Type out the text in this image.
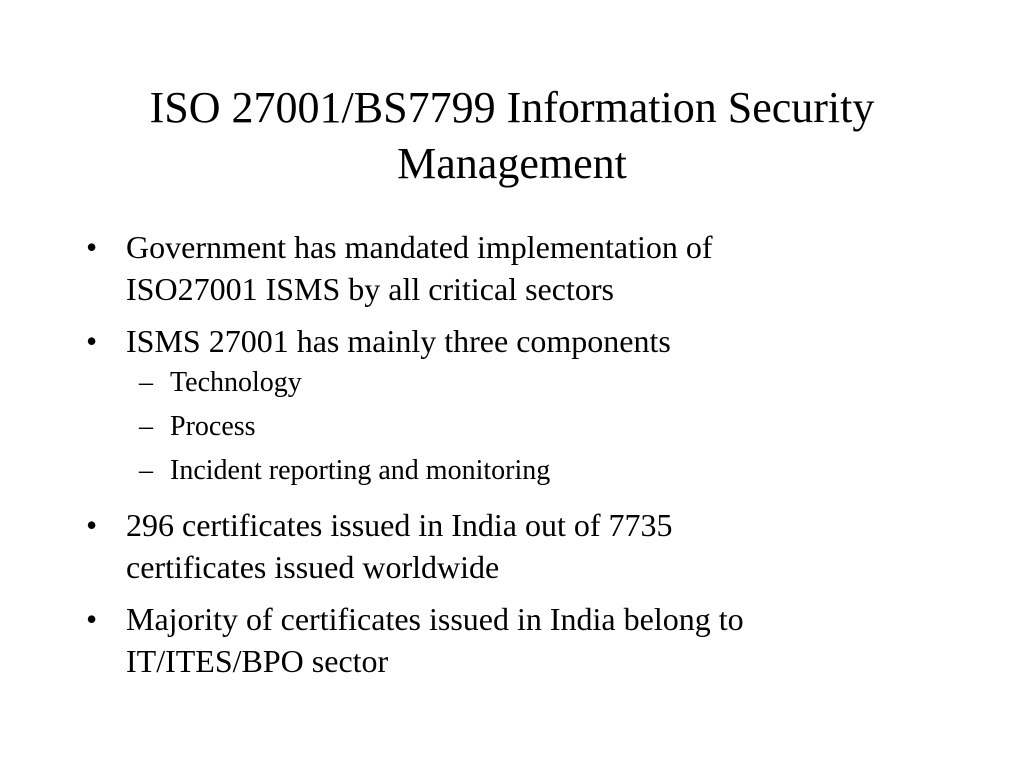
ISO 27001/BS7799 Information Security
Management
• Government has mandated implementation of
ISO27001 ISMS by all critical sectors
• ISMS 27001 has mainly three components
– Technology
– Process
– Incident reporting and monitoring
• 296 certificates issued in India out of 7735
certificates issued worldwide
• Majority of certificates issued in India belong to
IT/ITES/BPO sector
